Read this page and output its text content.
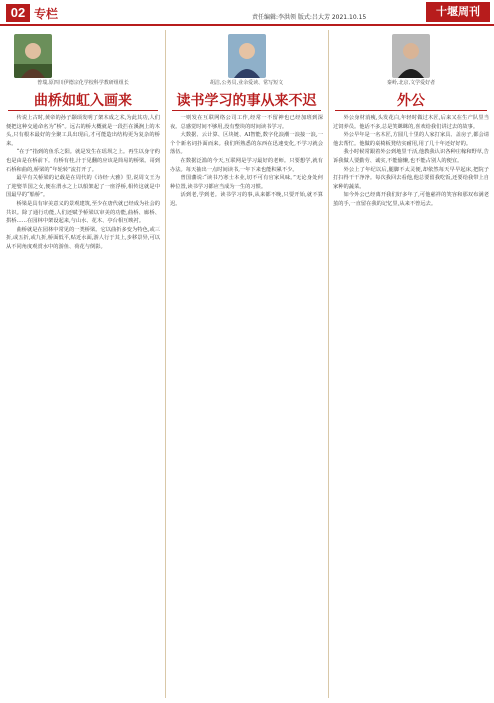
02 专栏	责任编辑:李洪领 版式:吕大芳 2021.10.15	十堰周刊
曾瑞,原四川伊德宗化学校科学教研组组长
曲桥如虹入画来

传说上古时,黄帝的孙子颛顼发明了架木成之术,为此其功,人们便把这种交通命名为“桥”。远古的桥大概就是一段拦在溪涧上的木头,只有根本最好的全聚工具出现后,才可能造出结构更为复杂的桥来。

“在于”指到的鱼乐之阳。就是发生在瑶坝之上。再生以身守约也是由是在桥前下。有桥有桂,汁于见翻的应该是简易的桥梁。哥到石桥和曲的,桥梁的“年轮转”流打开了。

最早有关桥梁的记载是在周代的《诗经·大雅》里,说周文王为了迎娶莘国之女,便在渭水之上以船架起了一座浮桥,相传这就是中国最早的“船桥”。

桥梁是具有审美意义的景观建筑,至少在唐代就已经成为社会的共识。除了通行功能,人们还赋予桥梁以审美的功能,曲桥、廊桥、拱桥……在园林中架设起来,与山水、花木、亭台相互映衬。

曲桥就是在园林中常见的一类桥梁。它以曲折多变为特色,或三折,或五折,或九折,桥面低平,贴近水面,游人行于其上,步移景异,可以从不同角度观赏水中的游鱼、荷花与倒影。

胡洁,公务员,业余爱读、常写短文
读书学习的事从来不迟

一则发在互联网络公司工作,经常一不留神也已经加班到深夜。总感觉时间不够用,没有整块的时间读书学习。

大数据、云计算、区块链、AI智能,数字化浪潮一浪接一浪,一个个新名词扑面而来。我们所熟悉的东西在迅速变化,不学习就会落伍。

在数据泛滥的今天,互联网是学习最好的老师。只要想学,就有办法。每天抽出一点时间读书,一年下来也能积累不少。

曾国藩说:“读书乃寒士本业,切不可有官家风味。”无论身处何种位置,读书学习都应当成为一生的习惯。

活到老,学到老。读书学习的事,从来都不晚,只要开始,就不算迟。

秦岭,北京,文学爱好者
外公

外公身材消瘦,头发花白,年轻时做过木匠,后来又在生产队里当过饲养员。他话不多,总是笑眯眯的,喜欢给我们讲过去的故事。

外公早年是一名木匠,方圆几十里的人家打家具、盖房子,都会请他去帮忙。他做的桌椅板凳结实耐用,用了几十年还好好的。

我小时候常跟着外公到地里干活,他教我认识各种庄稼和野草,告诉我做人要勤劳、诚实,不能偷懒,也不能占别人的便宜。

外公上了年纪以后,腿脚不太灵便,却依然每天早早起床,把院子打扫得干干净净。每次我回去看他,他总要留我吃饭,还要给我带上自家种的蔬菜。

如今外公已经离开我们好多年了,可他慈祥的笑容和那双布满老茧的手,一直留在我的记忆里,从来不曾远去。
